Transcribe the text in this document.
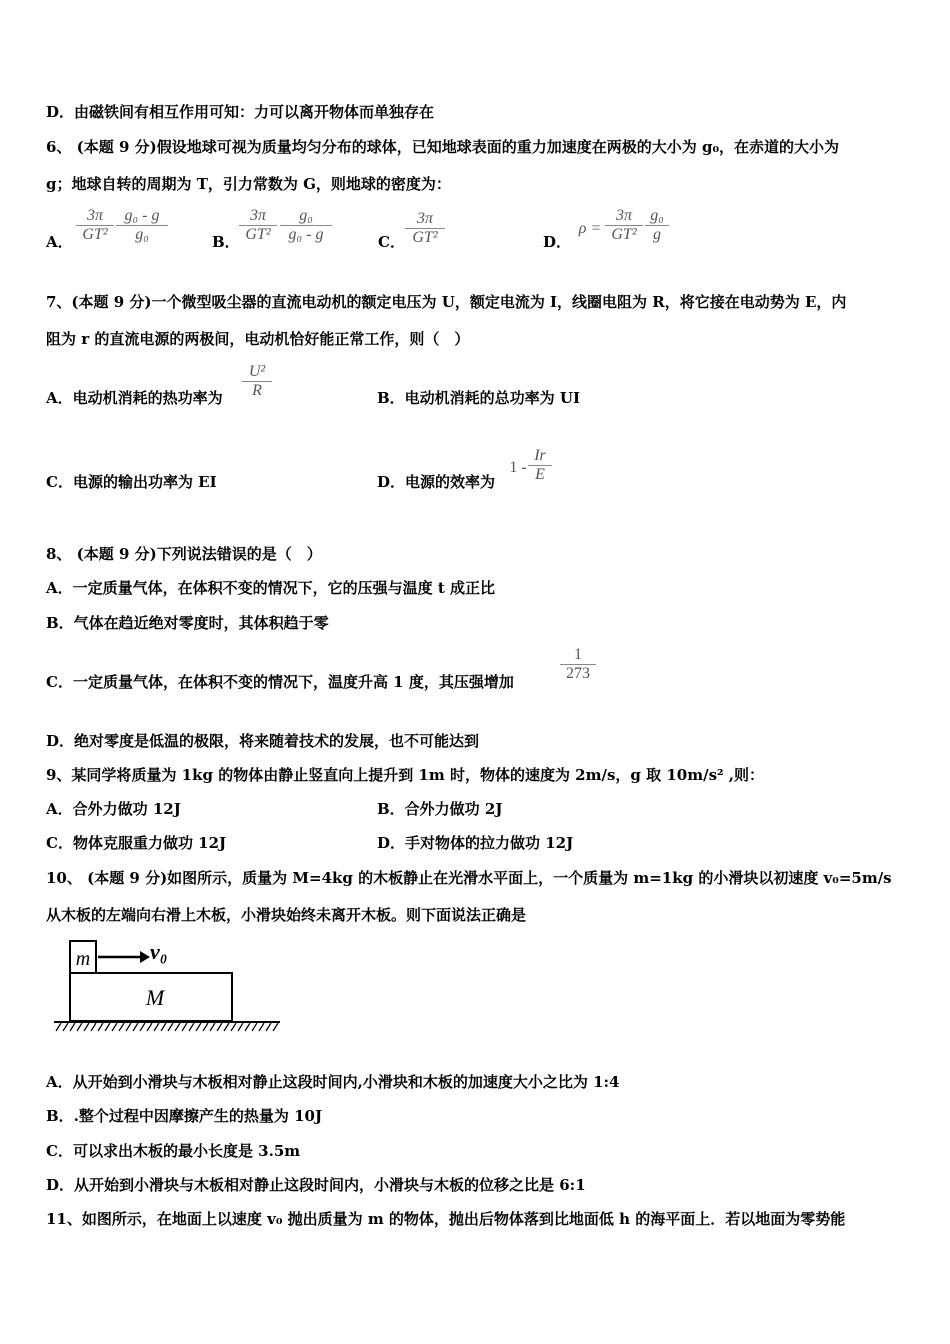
D．由磁铁间有相互作用可知：力可以离开物体而单独存在
6、 (本题 9 分)假设地球可视为质量均匀分布的球体，已知地球表面的重力加速度在两极的大小为 g₀，在赤道的大小为
g；地球自转的周期为 T，引力常数为 G，则地球的密度为：
A．
3π
GT²
g₀ - g
g₀	B．
3π
GT²
g₀
g₀ - g	C．
3π
GT²	D．
ρ =
3π
GT²
g₀
g
7、(本题 9 分)一个微型吸尘器的直流电动机的额定电压为 U，额定电流为 I，线圈电阻为 R，将它接在电动势为 E，内
阻为 r 的直流电源的两极间，电动机恰好能正常工作，则（　）
A．电动机消耗的热功率为
U²
R	B．电动机消耗的总功率为 UI
C．电源的输出功率为 EI	D．电源的效率为
1 -
Ir
E
8、 (本题 9 分)下列说法错误的是（　）
A．一定质量气体，在体积不变的情况下，它的压强与温度 t 成正比
B．气体在趋近绝对零度时，其体积趋于零
C．一定质量气体，在体积不变的情况下，温度升高 1 度，其压强增加
1
273
D．绝对零度是低温的极限，将来随着技术的发展，也不可能达到
9、某同学将质量为 1kg 的物体由静止竖直向上提升到 1m 时，物体的速度为 2m/s，g 取 10m/s² ,则：
A．合外力做功 12J	B．合外力做功 2J
C．物体克服重力做功 12J	D．手对物体的拉力做功 12J
10、 (本题 9 分)如图所示，质量为 M=4kg 的木板静止在光滑水平面上，一个质量为 m=1kg 的小滑块以初速度 v₀=5m/s
从木板的左端向右滑上木板，小滑块始终未离开木板。则下面说法正确是
m	v₀
M
A．从开始到小滑块与木板相对静止这段时间内,小滑块和木板的加速度大小之比为 1:4
B．.整个过程中因摩擦产生的热量为 10J
C．可以求出木板的最小长度是 3.5m
D．从开始到小滑块与木板相对静止这段时间内，小滑块与木板的位移之比是 6:1
11、如图所示，在地面上以速度 v₀ 抛出质量为 m 的物体，抛出后物体落到比地面低 h 的海平面上．若以地面为零势能
